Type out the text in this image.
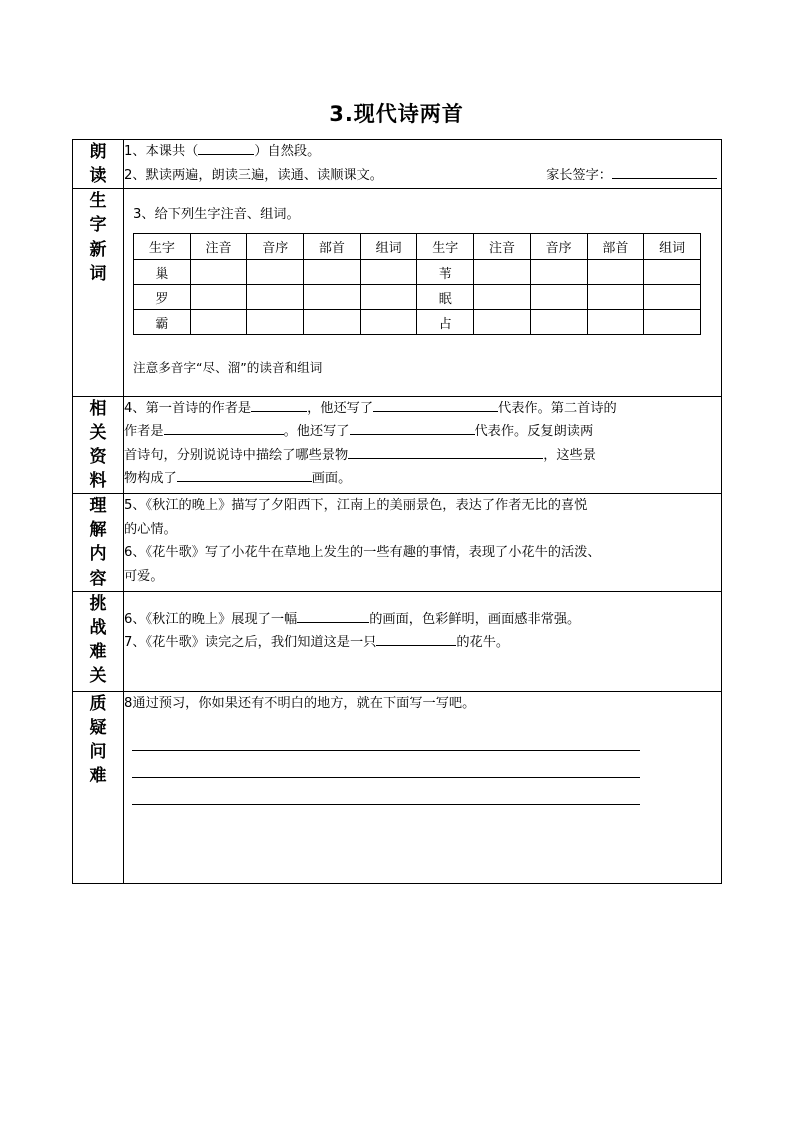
3.现代诗两首
朗
读

1、本课共（	）自然段。
2、默读两遍，朗读三遍，读通、读顺课文。	家长签字：

生
字
新
词

3、给下列生字注音、组词。
生字	注音	音序	部首	组词	生字	注音	音序	部首	组词
巢					苇				
罗					眠				
霸					占				
注意多音字“尽、溜”的读音和组词

相
关
资
料

4、第一首诗的作者是	，他还写了	代表作。第二首诗的
作者是	。他还写了	代表作。反复朗读两
首诗句，分别说说诗中描绘了哪些景物	，这些景
物构成了	画面。

理
解
内
容

5、《秋江的晚上》描写了夕阳西下，江南上的美丽景色，表达了作者无比的喜悦
的心情。
6、《花牛歌》写了小花牛在草地上发生的一些有趣的事情，表现了小花牛的活泼、
可爱。

挑
战
难
关

6、《秋江的晚上》展现了一幅	的画面，色彩鲜明，画面感非常强。
7、《花牛歌》读完之后，我们知道这是一只	的花牛。

质
疑
问
难

8通过预习，你如果还有不明白的地方，就在下面写一写吧。
